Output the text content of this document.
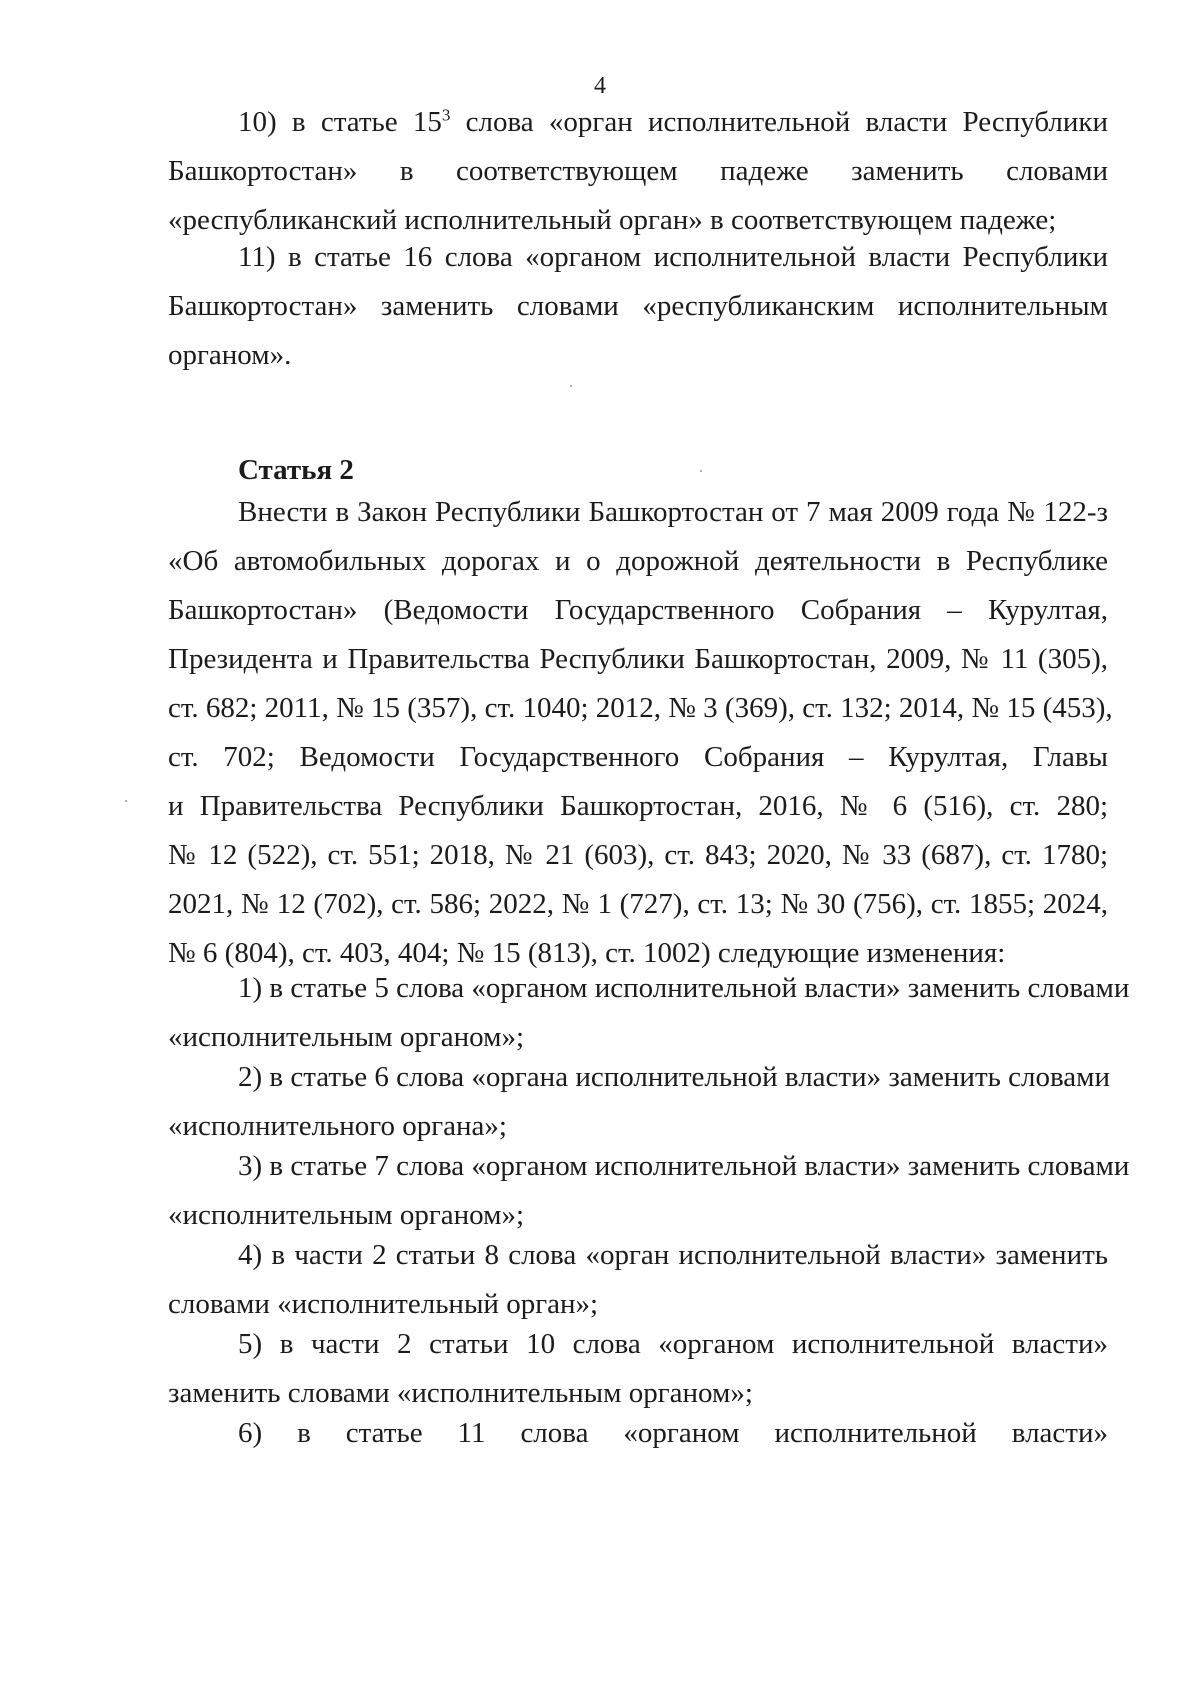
4
10) в статье $15^3$ слова «орган исполнительной власти Республики
Башкортостан» в соответствующем падеже заменить словами
«республиканский исполнительный орган» в соответствующем падеже;
11) в статье 16 слова «органом исполнительной власти Республики
Башкортостан» заменить словами «республиканским исполнительным
органом».
Статья 2
Внести в Закон Республики Башкортостан от 7 мая 2009 года № 122-з
«Об автомобильных дорогах и о дорожной деятельности в Республике
Башкортостан» (Ведомости Государственного Собрания – Курултая,
Президента и Правительства Республики Башкортостан, 2009, № 11 (305),
ст. 682; 2011, № 15 (357), ст. 1040; 2012, № 3 (369), ст. 132; 2014, № 15 (453),
ст. 702; Ведомости Государственного Собрания – Курултая, Главы
и Правительства Республики Башкортостан, 2016, № 6 (516), ст. 280;
№ 12 (522), ст. 551; 2018, № 21 (603), ст. 843; 2020, № 33 (687), ст. 1780;
2021, № 12 (702), ст. 586; 2022, № 1 (727), ст. 13; № 30 (756), ст. 1855; 2024,
№ 6 (804), ст. 403, 404; № 15 (813), ст. 1002) следующие изменения:
1) в статье 5 слова «органом исполнительной власти» заменить словами
«исполнительным органом»;
2) в статье 6 слова «органа исполнительной власти» заменить словами
«исполнительного органа»;
3) в статье 7 слова «органом исполнительной власти» заменить словами
«исполнительным органом»;
4) в части 2 статьи 8 слова «орган исполнительной власти» заменить
словами «исполнительный орган»;
5) в части 2 статьи 10 слова «органом исполнительной власти»
заменить словами «исполнительным органом»;
6) в статье 11 слова «органом исполнительной власти»
